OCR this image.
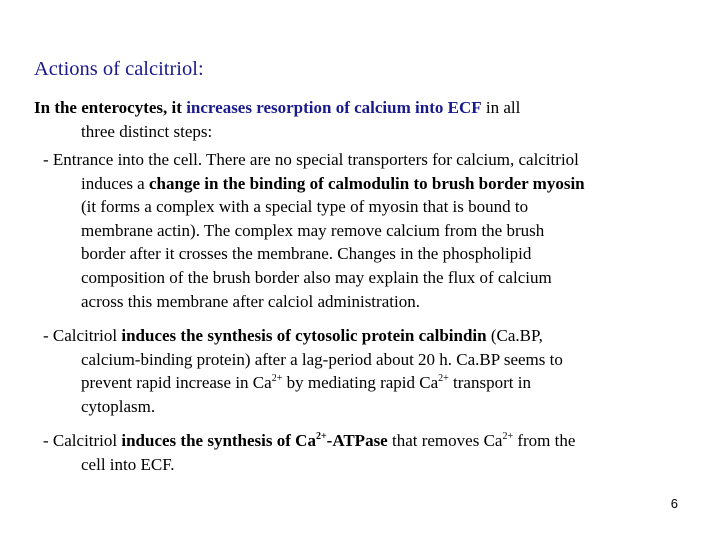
Actions of calcitriol:
In the enterocytes, it increases resorption of calcium into ECF in all
three distinct steps:
- Entrance into the cell. There are no special transporters for calcium, calcitriol
induces a change in the binding of calmodulin to brush border myosin
(it forms a complex with a special type of myosin that is bound to
membrane actin). The complex may remove calcium from the brush
border after it crosses the membrane. Changes in the phospholipid
composition of the brush border also may explain the flux of calcium
across this membrane after calciol administration.
- Calcitriol induces the synthesis of cytosolic protein calbindin (Ca.BP,
calcium-binding protein) after a lag-period about 20 h. Ca.BP seems to
prevent rapid increase in $Ca^{2+}$ by mediating rapid $Ca^{2+}$ transport in
cytoplasm.
- Calcitriol induces the synthesis of $Ca^{2+}$-ATPase that removes $Ca^{2+}$ from the
cell into ECF.
6
